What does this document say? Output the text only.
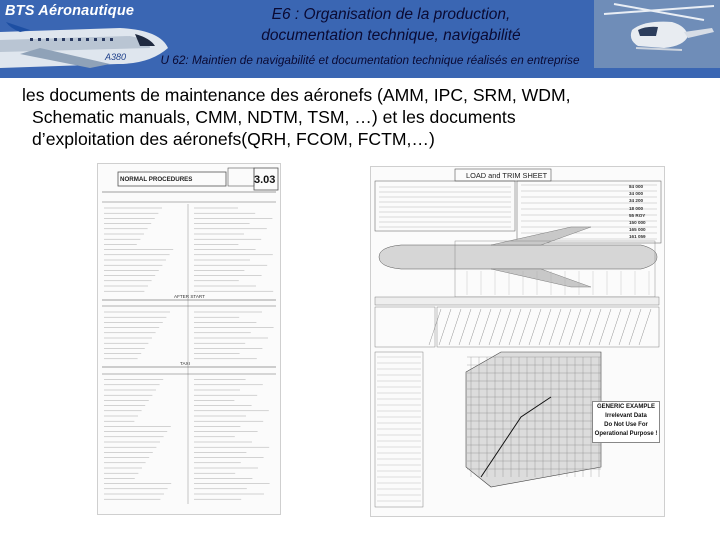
A380
BTS Aéronautique	E6 : Organisation de la production,
documentation technique, navigabilité
U 62: Maintien de navigabilité et documentation technique réalisés en entreprise
les documents de maintenance des aéronefs (AMM, IPC, SRM, WDM,
Schematic manuals, CMM, NDTM, TSM, …) et les documents
d’exploitation des aéronefs(QRH, FCOM, FCTM,…)
NORMAL PROCEDURES	3.03
AFTER START
TAXI
LOAD and TRIM SHEET
84 000
34 000
34 200
18 000
55 ROY
150 000
165 000
161 059
GENERIC EXAMPLE
Irrelevant Data
Do Not Use For
Operational Purpose !
